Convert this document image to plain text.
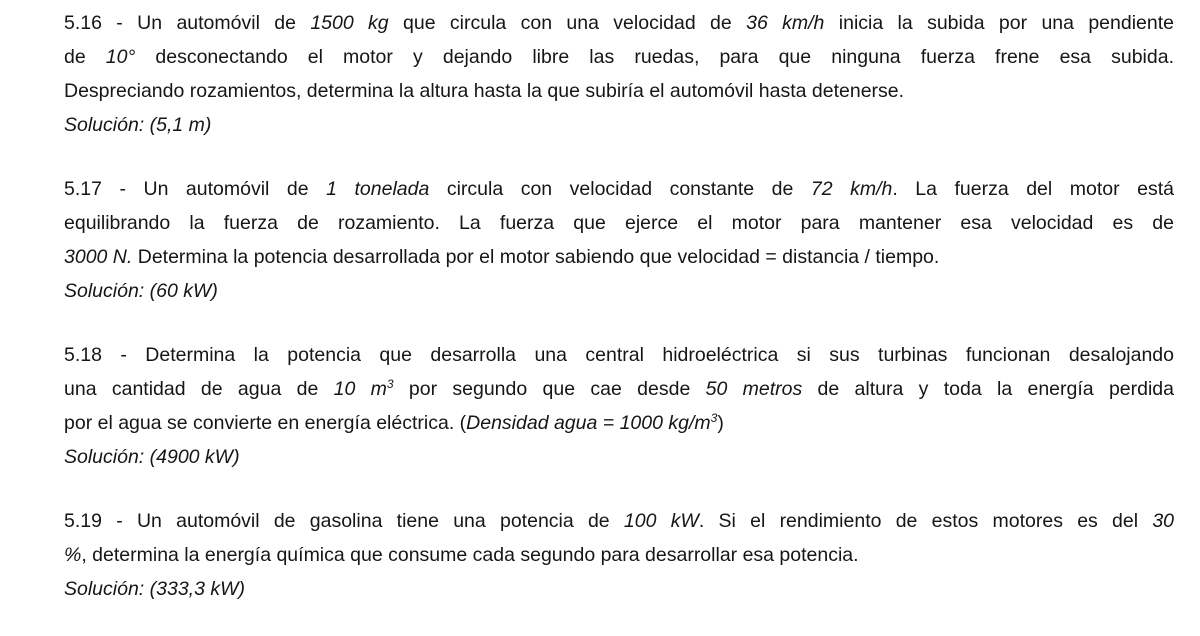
5.16 - Un automóvil de 1500 kg que circula con una velocidad de 36 km/h inicia la subida por una pendiente
de 10° desconectando el motor y dejando libre las ruedas, para que ninguna fuerza frene esa subida.
Despreciando rozamientos, determina la altura hasta la que subiría el automóvil hasta detenerse.
Solución: (5,1 m)
5.17 - Un automóvil de 1 tonelada circula con velocidad constante de 72 km/h. La fuerza del motor está
equilibrando la fuerza de rozamiento. La fuerza que ejerce el motor para mantener esa velocidad es de
3000 N. Determina la potencia desarrollada por el motor sabiendo que velocidad = distancia / tiempo.
Solución: (60 kW)
5.18 - Determina la potencia que desarrolla una central hidroeléctrica si sus turbinas funcionan desalojando
una cantidad de agua de 10 $m^3$ por segundo que cae desde 50 metros de altura y toda la energía perdida
por el agua se convierte en energía eléctrica. (Densidad agua = 1000 $kg/m^3$)
Solución: (4900 kW)
5.19 - Un automóvil de gasolina tiene una potencia de 100 kW. Si el rendimiento de estos motores es del 30
%, determina la energía química que consume cada segundo para desarrollar esa potencia.
Solución: (333,3 kW)
